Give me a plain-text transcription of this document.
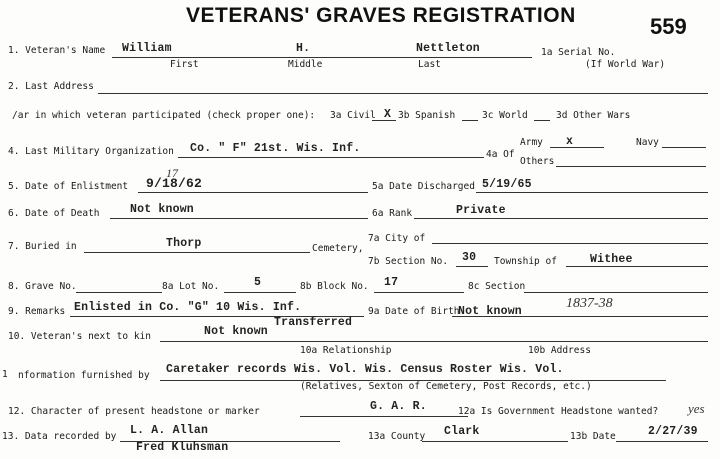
VETERANS' GRAVES REGISTRATION	559
1. Veteran's Name William	H.	Nettleton
First	Middle	Last
1a Serial No.
(If World War)
2. Last Address
/ar in which veteran participated (check proper one): 3a Civil X 3b Spanish	3c World	3d Other Wars
4. Last Military Organization Co. " F" 21st. Wis. Inf.	4a Of
Army x	Navy
Others
5. Date of Enlistment 9/18/62
17
5a Date Discharged 5/19/65
6. Date of Death	Not known	6a Rank	Private
7. Buried in	Thorp	Cemetery,
7a City of
7b Section No. 30 Township of	Withee
8. Grave No.	8a Lot No.	5	8b Block No. 17	8c Section
9. Remarks Enlisted in Co. "G" 10 Wis. Inf.
Transferred
9a Date of Birth
Not known
1837-38
10. Veteran's next to kin	Not known
10a Relationship	10b Address
1 nformation furnished by Caretaker records Wis. Vol. Wis. Census Roster Wis. Vol.
(Relatives, Sexton of Cemetery, Post Records, etc.)
12. Character of present headstone or marker	G. A. R.	12a Is Government Headstone wanted? yes
13. Data recorded by L. A. Allan
Fred Kluhsman
13a County Clark	13b Date	2/27/39
